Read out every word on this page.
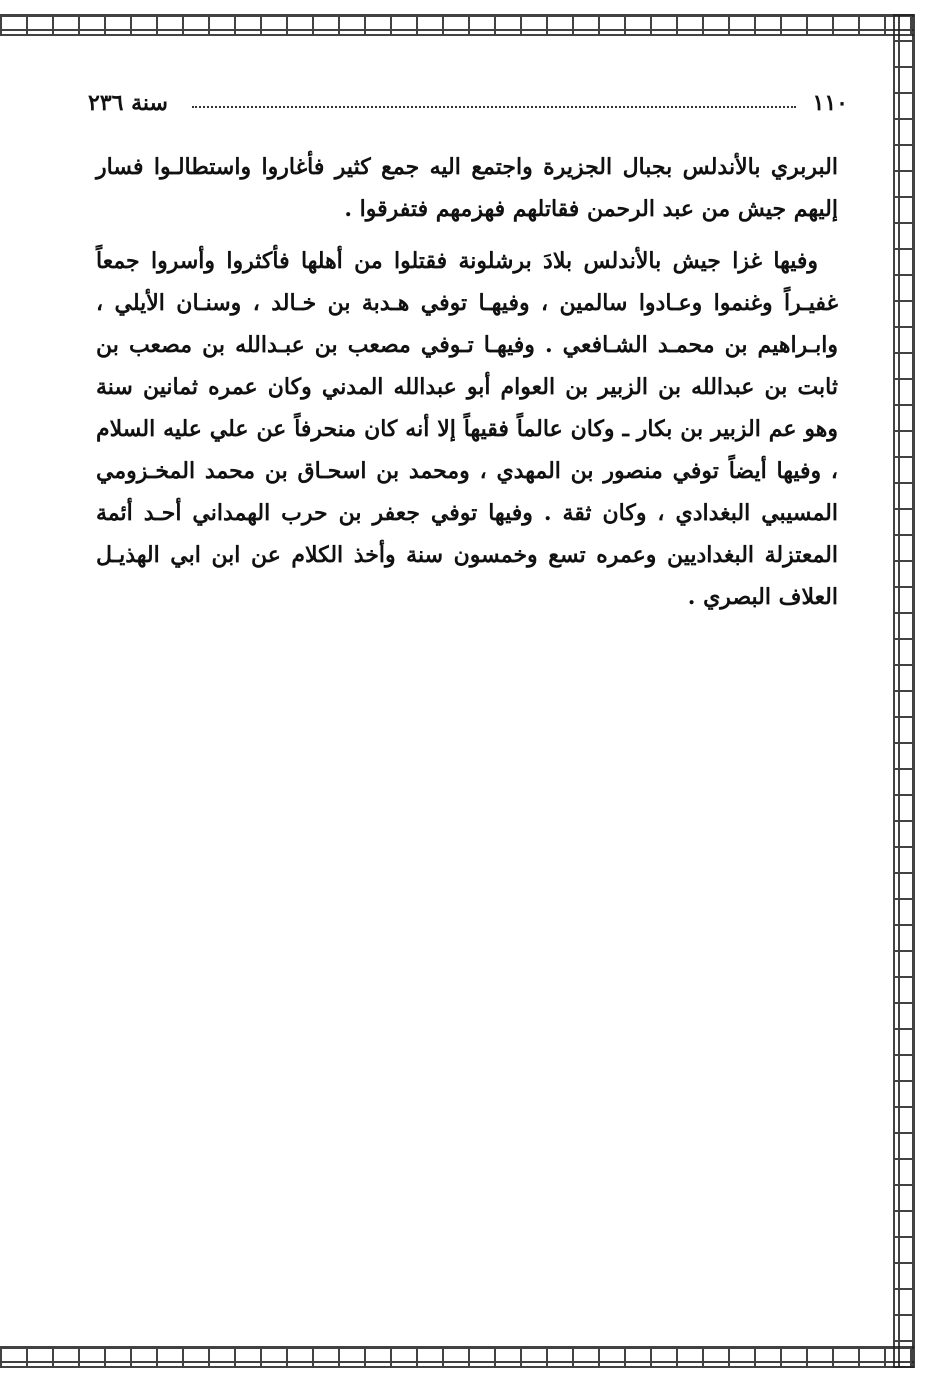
١١٠
سنة ٢٣٦

البربري بالأندلس بجبال الجزيرة واجتمع اليه جمع كثير فأغاروا واستطالـوا فسار إليهم جيش من عبد الرحمن فقاتلهم فهزمهم فتفرقوا .

وفيها غزا جيش بالأندلس بلادَ برشلونة فقتلوا من أهلها فأكثروا وأسروا جمعاً غفيـراً وغنموا وعـادوا سالمين ، وفيهـا توفي هـدبة بن خـالد ، وسنـان الأيلي ، وابـراهيم بن محمـد الشـافعي . وفيهـا تـوفي مصعب بن عبـدالله بن مصعب بن ثابت بن عبدالله بن الزبير بن العوام أبو عبدالله المدني وكان عمره ثمانين سنة وهو عم الزبير بن بكار ـ وكان عالماً فقيهاً إلا أنه كان منحرفاً عن علي عليه السلام ، وفيها أيضاً توفي منصور بن المهدي ، ومحمد بن اسحـاق بن محمد المخـزومي المسيبي البغدادي ، وكان ثقة . وفيها توفي جعفر بن حرب الهمداني أحـد أئمة المعتزلة البغداديين وعمره تسع وخمسون سنة وأخذ الكلام عن ابن ابي الهذيـل العلاف البصري .
